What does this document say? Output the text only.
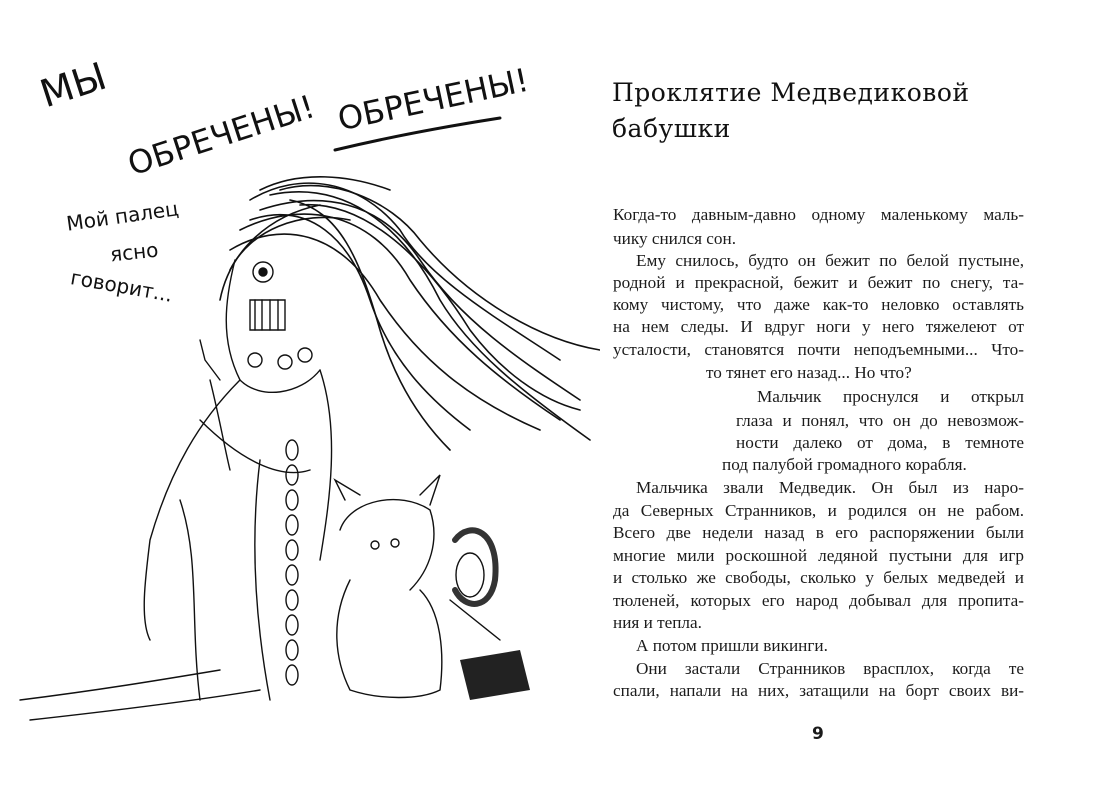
МЫ
ОБРЕЧЕНЫ! ОБРЕЧЕНЫ!
Мой палец
ясно
говорит...
Проклятие Медведиковой
бабушки
Когда-то давным-давно одному маленькому маль-
чику снился сон.
Ему снилось, будто он бежит по белой пустыне,
родной и прекрасной, бежит и бежит по снегу, та-
кому чистому, что даже как-то неловко оставлять
на нем следы. И вдруг ноги у него тяжелеют от
усталости, становятся почти неподъемными... Что-
то тянет его назад... Но что?
Мальчик проснулся и открыл
глаза и понял, что он до невозмож-
ности далеко от дома, в темноте
под палубой громадного корабля.
Мальчика звали Медведик. Он был из наро-
да Северных Странников, и родился он не рабом.
Всего две недели назад в его распоряжении были
многие мили роскошной ледяной пустыни для игр
и столько же свободы, сколько у белых медведей и
тюленей, которых его народ добывал для пропита-
ния и тепла.
А потом пришли викинги.
Они застали Странников врасплох, когда те
спали, напали на них, затащили на борт своих ви-
9
